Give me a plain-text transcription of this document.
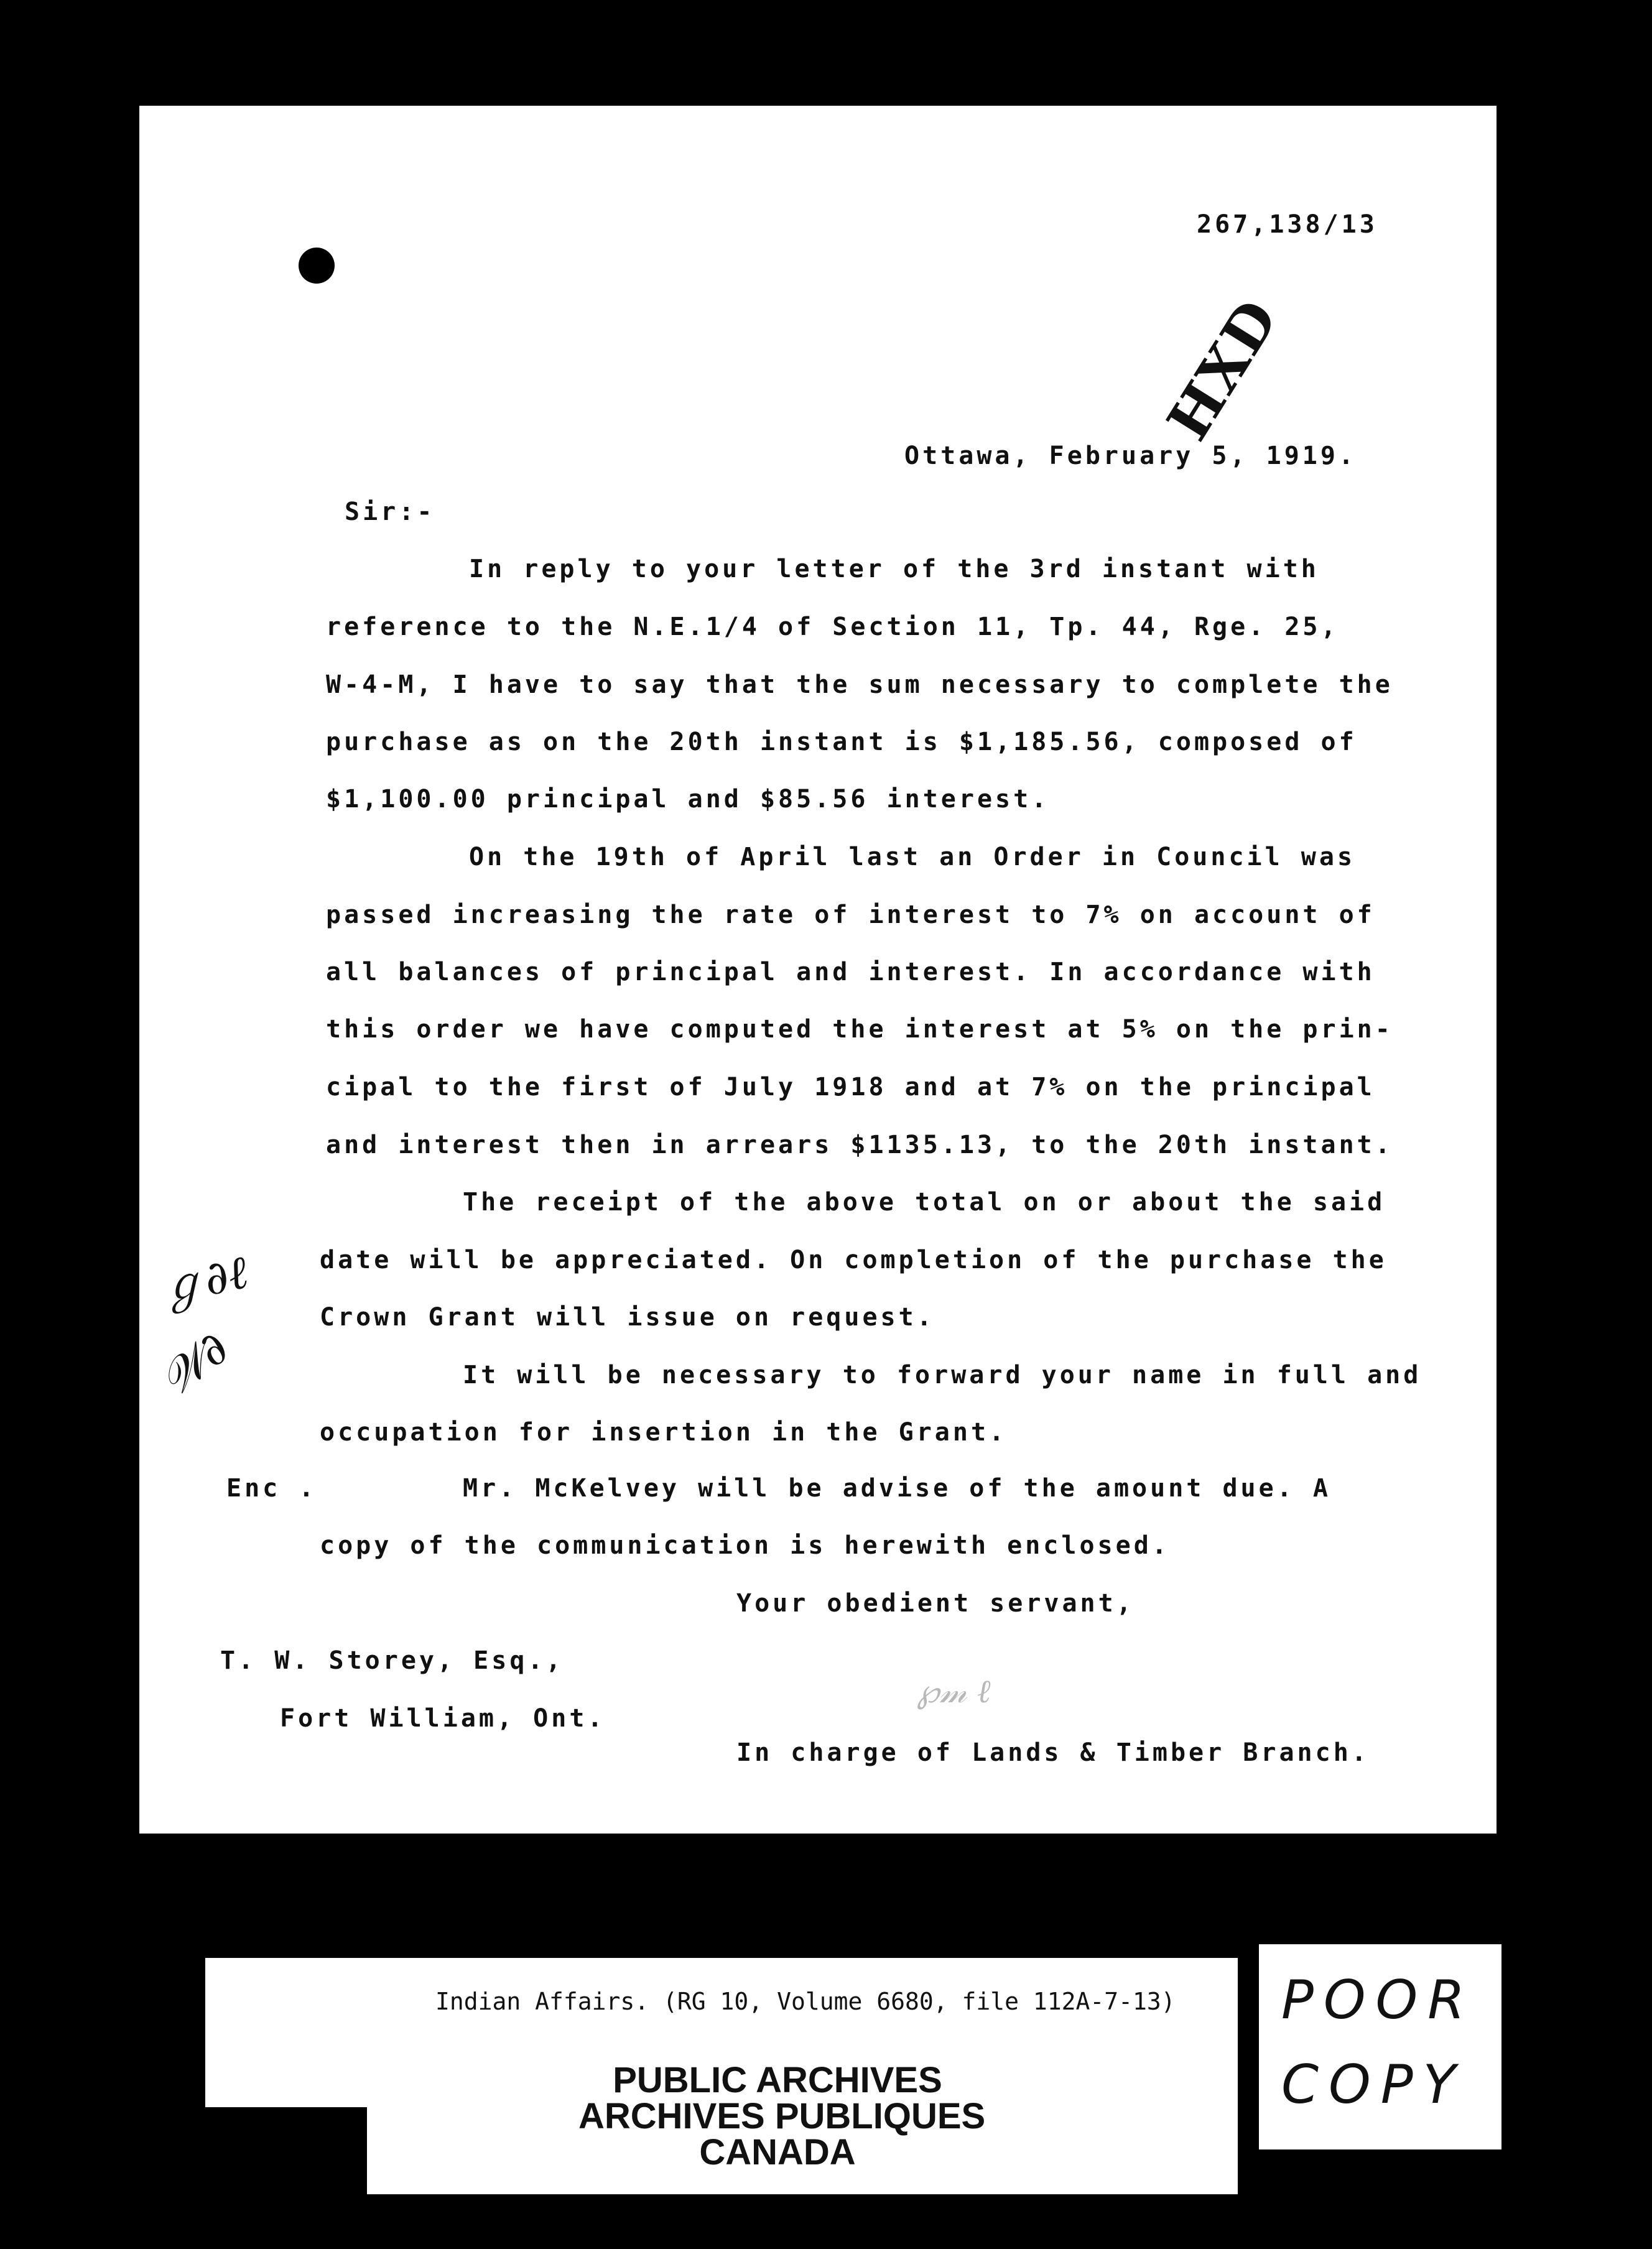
267,138/13
HXD
Ottawa, February 5, 1919.
Sir:-
In reply to your letter of the 3rd instant with
reference to the N.E.1/4 of Section 11, Tp. 44, Rge. 25,
W-4-M, I have to say that the sum necessary to complete the
purchase as on the 20th instant is $1,185.56, composed of
$1,100.00 principal and $85.56 interest.
On the 19th of April last an Order in Council was
passed increasing the rate of interest to 7% on account of
all balances of principal and interest. In accordance with
this order we have computed the interest at 5% on the prin-
cipal to the first of July 1918 and at 7% on the principal
and interest then in arrears $1135.13, to the 20th instant.
The receipt of the above total on or about the said
date will be appreciated. On completion of the purchase the
Crown Grant will issue on request.
It will be necessary to forward your name in full and
occupation for insertion in the Grant.
Enc .	Mr. McKelvey will be advise of the amount due. A
copy of the communication is herewith enclosed.
Your obedient servant,
T. W. Storey, Esq.,
Fort William, Ont.
℘𝓂 ℓ
In charge of Lands & Timber Branch.
ℊ∂ℓ
𝒲∂
Indian Affairs. (RG 10, Volume 6680, file 112A-7-13)
PUBLIC ARCHIVES
ARCHIVES PUBLIQUES
CANADA
POOR
COPY
